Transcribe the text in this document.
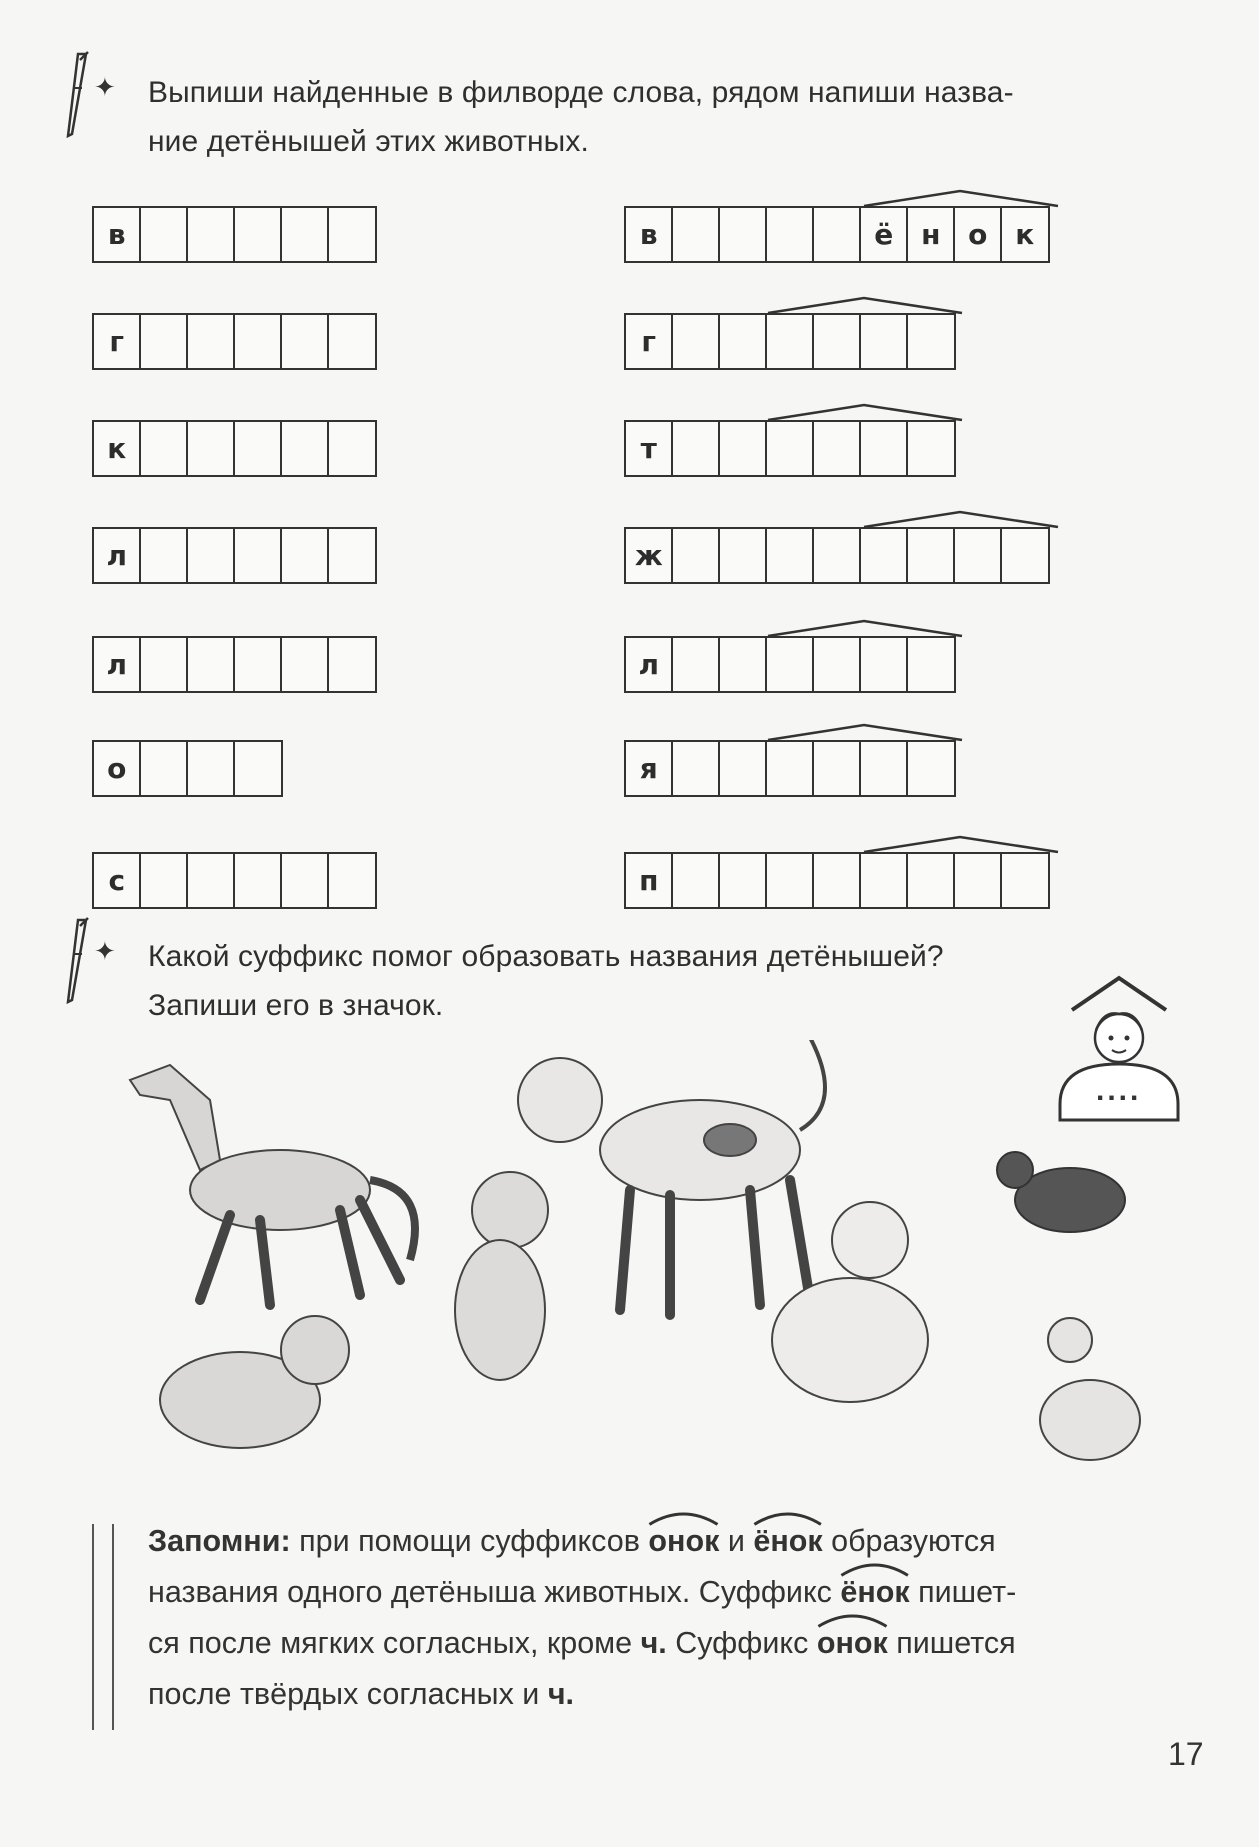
✦ Выпиши найденные в филворде слова, рядом напиши назва-
ние детёнышей этих животных.
✦ Какой суффикс помог образовать названия детёнышей?
Запиши его в значок.
....
Запомни: при помощи суффиксов онок
и ёнок
образуются
названия одного детёныша животных. Суффикс ёнок
пишет-
ся после мягких согласных, кроме ч. Суффикс онок
пишется
после твёрдых согласных и ч.
17
в
г
к
л
л
о
с
в	ё н о к
г
т
ж
л
я
п
